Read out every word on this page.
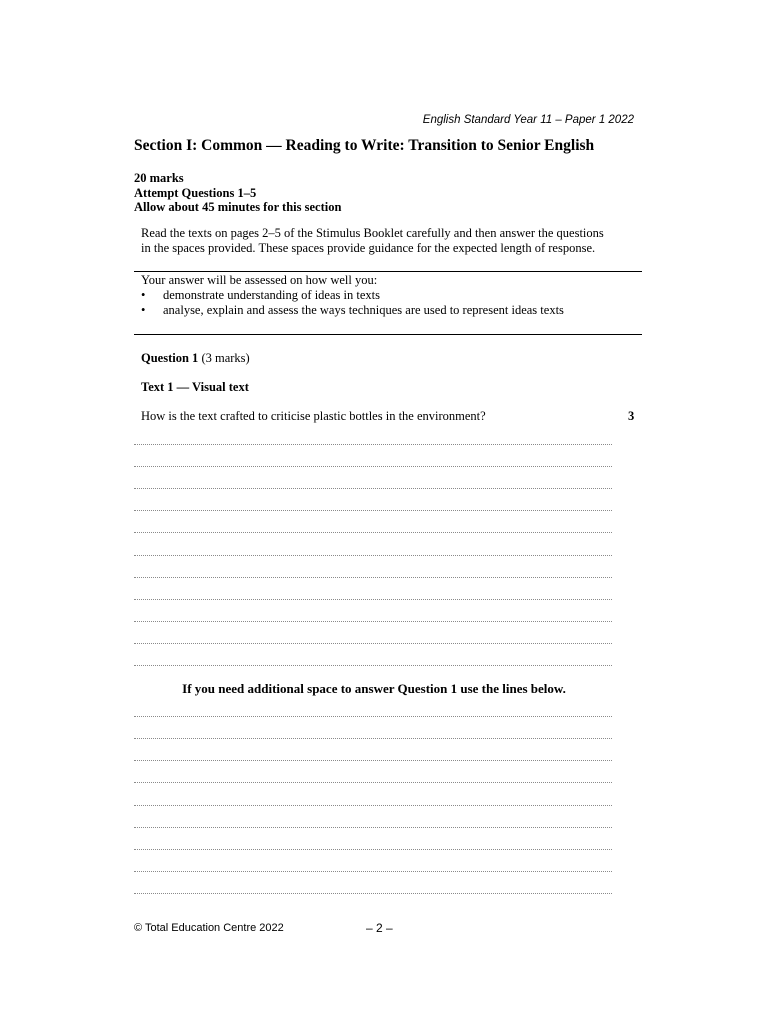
English Standard Year 11 – Paper 1 2022
Section I: Common — Reading to Write: Transition to Senior English
20 marks
Attempt Questions 1–5
Allow about 45 minutes for this section
Read the texts on pages 2–5 of the Stimulus Booklet carefully and then answer the questions
in the spaces provided. These spaces provide guidance for the expected length of response.
Your answer will be assessed on how well you:
• demonstrate understanding of ideas in texts
• analyse, explain and assess the ways techniques are used to represent ideas texts
Question 1 (3 marks)
Text 1 — Visual text
How is the text crafted to criticise plastic bottles in the environment?	3
If you need additional space to answer Question 1 use the lines below.
© Total Education Centre 2022	– 2 –
